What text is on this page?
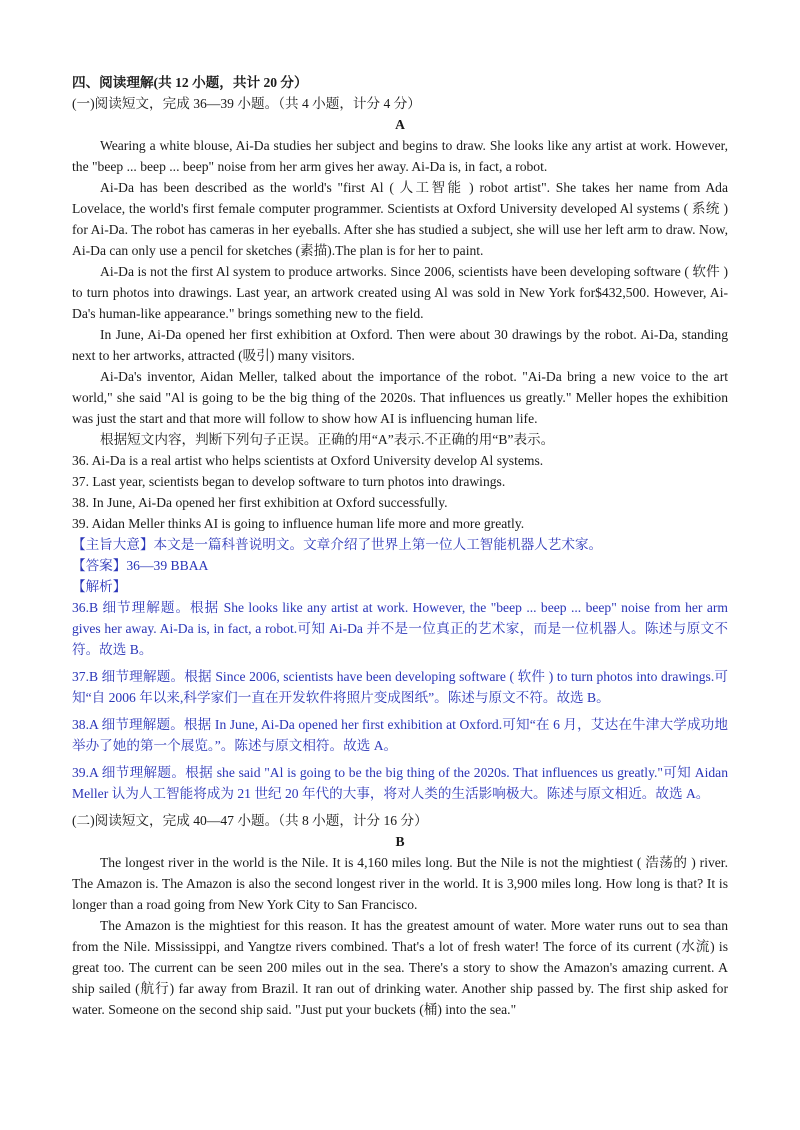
四、阅读理解(共 12 小题，共计 20 分）

(一)阅读短文，完成 36—39 小题。（共 4 小题，计分 4 分）

A

Wearing a white blouse, Ai-Da studies her subject and begins to draw. She looks like any artist at work. However, the "beep ... beep ... beep" noise from her arm gives her away. Ai-Da is, in fact, a robot.

Ai-Da has been described as the world's "first Al ( 人工智能 ) robot artist". She takes her name from Ada Lovelace, the world's first female computer programmer. Scientists at Oxford University developed Al systems ( 系统 ) for Ai-Da. The robot has cameras in her eyeballs. After she has studied a subject, she will use her left arm to draw. Now, Ai-Da can only use a pencil for sketches (素描).The plan is for her to paint.

Ai-Da is not the first Al system to produce artworks. Since 2006, scientists have been developing software ( 软件 ) to turn photos into drawings. Last year, an artwork created using Al was sold in New York for$432,500. However, Ai-Da's human-like appearance." brings something new to the field.

In June, Ai-Da opened her first exhibition at Oxford. Then were about 30 drawings by the robot. Ai-Da, standing next to her artworks, attracted (吸引) many visitors.

Ai-Da's inventor, Aidan Meller, talked about the importance of the robot. "Ai-Da bring a new voice to the art world," she said "Al is going to be the big thing of the 2020s. That influences us greatly." Meller hopes the exhibition was just the start and that more will follow to show how AI is influencing human life.

根据短文内容，判断下列句子正误。正确的用“A”表示.不正确的用“B”表示。

36. Ai-Da is a real artist who helps scientists at Oxford University develop Al systems.

37. Last year, scientists began to develop software to turn photos into drawings.

38. In June, Ai-Da opened her first exhibition at Oxford successfully.

39. Aidan Meller thinks AI is going to influence human life more and more greatly.

【主旨大意】本文是一篇科普说明文。文章介绍了世界上第一位人工智能机器人艺术家。

【答案】36—39 BBAA

【解析】

36.B 细节理解题。根据 She looks like any artist at work. However, the "beep ... beep ... beep" noise from her arm gives her away. Ai-Da is, in fact, a robot.可知 Ai-Da 并不是一位真正的艺术家，而是一位机器人。陈述与原文不符。故选 B。

37.B 细节理解题。根据 Since 2006, scientists have been developing software ( 软件 ) to turn photos into drawings.可知“自 2006 年以来,科学家们一直在开发软件将照片变成图纸”。陈述与原文不符。故选 B。

38.A 细节理解题。根据 In June, Ai-Da opened her first exhibition at Oxford.可知“在 6 月，艾达在牛津大学成功地举办了她的第一个展览。”。陈述与原文相符。故选 A。

39.A 细节理解题。根据 she said "Al is going to be the big thing of the 2020s. That influences us greatly."可知 Aidan Meller 认为人工智能将成为 21 世纪 20 年代的大事，将对人类的生活影响极大。陈述与原文相近。故选 A。

(二)阅读短文，完成 40—47 小题。（共 8 小题，计分 16 分）

B

The longest river in the world is the Nile. It is 4,160 miles long. But the Nile is not the mightiest ( 浩荡的 ) river. The Amazon is. The Amazon is also the second longest river in the world. It is 3,900 miles long. How long is that? It is longer than a road going from New York City to San Francisco.

The Amazon is the mightiest for this reason. It has the greatest amount of water. More water runs out to sea than from the Nile. Mississippi, and Yangtze rivers combined. That's a lot of fresh water! The force of its current (水流) is great too. The current can be seen 200 miles out in the sea. There's a story to show the Amazon's amazing current. A ship sailed (航行) far away from Brazil. It ran out of drinking water. Another ship passed by. The first ship asked for water. Someone on the second ship said. "Just put your buckets (桶) into the sea."
